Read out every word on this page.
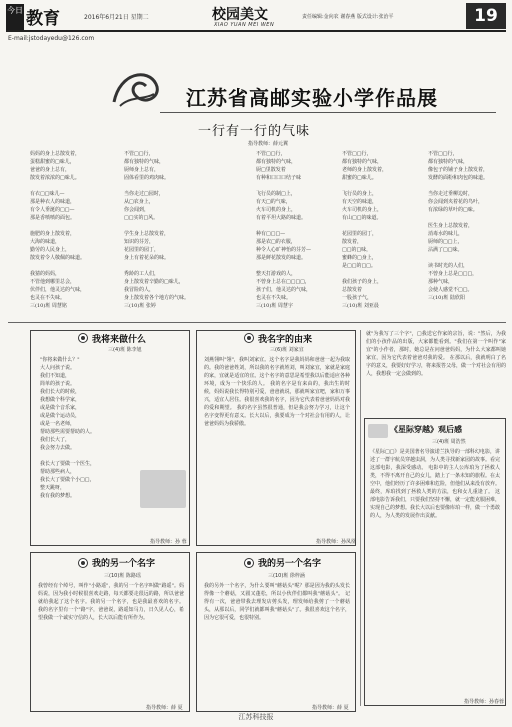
今日 教育	2016年6月21日 星期二
E-mail:jstodayedu@126.com
校园美文
XIAO YUAN MEI WEN
责任编辑:金向农 谢春燕 版式设计:张治平	19
江苏省高邮实验小学作品展
一行有一行的气味
指导教师：薛元翼
妈妈的身上总散发着，
蛋糕甜蜜的□味儿，
爸爸的身上总有，
散发着浓浓的□味儿。

有衣□□味儿—
那是种衣人的味道，
有令人垂涎的□□—
那是香喷喷的面包。

施肥的身上散发着，
大海的味道，
勤劳的人民身上，
散发着令人敬佩的味道。

我猜的妈妈，
不管他到哪里总会，
伏伴们，他灵达的气味，
也灵在不失味。
三(10)班 周慧铭
不管□□行，
都有独特的气味，
厨师身上总有，
固体看里的鸡肉味。

当你走过□园时，
从□农身上，
你会闻到，
□□实的□风。

学生身上总散发着，
知识的芬芳，
花园里的园丁，
身上有着花朵的味。

秀龄的工人们，
身上散发着辛勤的□味儿，
我冒险的人，
身上散发着各个地方的气味。
三(10)班 张婷
不管□□行，
都有独特的气味，
厨□里散发着
有种和口口口结子味

飞行员的制□上，
有天□的气味，
火车司机的身上，
有着平坦大路的味道。

种有□□□—
那是农□的衣服，
种令人心旷神怡的芬芳—
那是鲜花散发的味道。

整天打游戏的人，
不曾身上总在□□□□，
孩子们，他灵达的气味，
也灵在不失味。
三(10)班 周慧宇
不管□□行，
都有独特的气味，
老师的身上散发着，
甜蜜的□味儿。

飞行员的身上，
有天空的味道，
火车司机的身上，
有山□□的味道。

花园里的园丁，
散发着，
□□的□味，
蜜蜂的□身上，
是□□的□□。

我们孩子的身上，
总散发着
一股孩子气，
三(10)班 刘亚晨
不管□□行，
都有独特的气味，
像包子的铺子身上散发着，
发酵的面粉和肉包的味道。

当你走过垂柳边时，
你会闻到夹着花的鸟叶，
有浓绿的草叶的□味。

医生身上总散发着，
消毒水的味儿，
厨师的□□上，
沾满了□□味。

读书时光的人们，
不曾身上总是□□□，
那种气味，
会使人感觉不□□。
三(10)班 陆欣阳
我将来做什么
三(4)班 陈李旭
"你将来做什么？"
大人问孩子说。
我们不知道，
简单的孩子说。
我们长大的时候，
我想做个科学家，
或是做个音乐家，
或是做个运动员，
或是一名老师，
帮助那些需要帮助的人。
我们长大了，
我会努力去做。

我长大了要做一个医生，
帮助那些病人，
我长大了要做个小□□，
整天跳呀，
我有我的梦想。
指导教师：孙 蓉
我的另一个名字
三(10)班 陈路瑶
我曾经有个绰号，叫作"小路遥"，我的另一个名字叫做"路遥"。妈妈说，因为我小时候很喜欢走路，每天都要走很远的路，所以爸爸就给我起了这个名字。我的另一个名字，也是我最喜欢的名字。 我的名字里有一个"路"字，爸爸说，路遥知马力，日久见人心，希望我做一个诚实守信的人，长大以后能有所作为。
指导教师：薛 夏
我名字的由来
三(6)班 刘家宜
刘燕翎叫"翎"，我叫刘家宜。这个名字是我妈妈和爸爸一起为我取的。我的爸爸姓刘，所以我的名字就姓刘，叫刘家宜，家就是家庭的家，宜就是适宜的宜。这个名字的意思是希望我以后能适应各种环境，成为一个快乐的人。 我的名字是有来由的，我出生的时候，妈妈说我长得特别可爱，爸爸就说，那就叫家宜吧，家和万事兴，适宜人居住。我很喜欢我的名字，因为它代表着爸爸妈妈对我的爱和期望。 我的名字虽然很普通，但是我会努力学习，让这个名字变得更有意义。长大以后，我要成为一个对社会有用的人，让爸爸妈妈为我骄傲。
指导教师：孙凤凰
我的另一个名字
三(10)班 徐梓涵
我的另外一个名字，为什么要叫"蘑菇头"呢？那是因为我的头发长得像一个蘑菇，又圆又蓬松，所以小伙伴们都叫我"蘑菇头"。 记得有一次，爸爸带我去理发店剪头发，理发师给我剪了一个蘑菇头，从那以后，同学们就都叫我"蘑菇头"了。我很喜欢这个名字，因为它很可爱，也很特别。
指导教师：薛 夏
就"为我写了三个字"，□我送它作家的宗旨，说："然后，为我们的小孩作品的出版，大家都能看到。"我们在第一个叫作"家宜"的小作者，那时，她总是在问爸爸妈妈，为什么大家都叫她家宜，因为它代表着爸爸对我的爱。 在那以后，我就明白了名字的意义，我要好好学习，将来报答父母，做一个对社会有用的人，我想我一定会做到的。
《星际穿越》观后感
三(4)班 周浩然
《星际□□》是美国著名导演诺兰执导的一部科幻电影，讲述了一群宇航员穿越虫洞，为人类寻找新家园的故事。看完这部电影，我深受感动。 电影中的主人公库珀为了拯救人类，不得不离开自己的女儿，踏上了一条未知的旅程。在太空中，他们经历了许多困难和危险，但他们从来没有放弃。最终，库珀找到了拯救人类的方法，也和女儿重逢了。 这部电影告诉我们，只要我们坚持不懈，就一定能克服困难，实现自己的梦想。我长大以后也要像库珀一样，做一个勇敢的人，为人类的发展作出贡献。
指导教师：孙春蓉
江苏科技报
